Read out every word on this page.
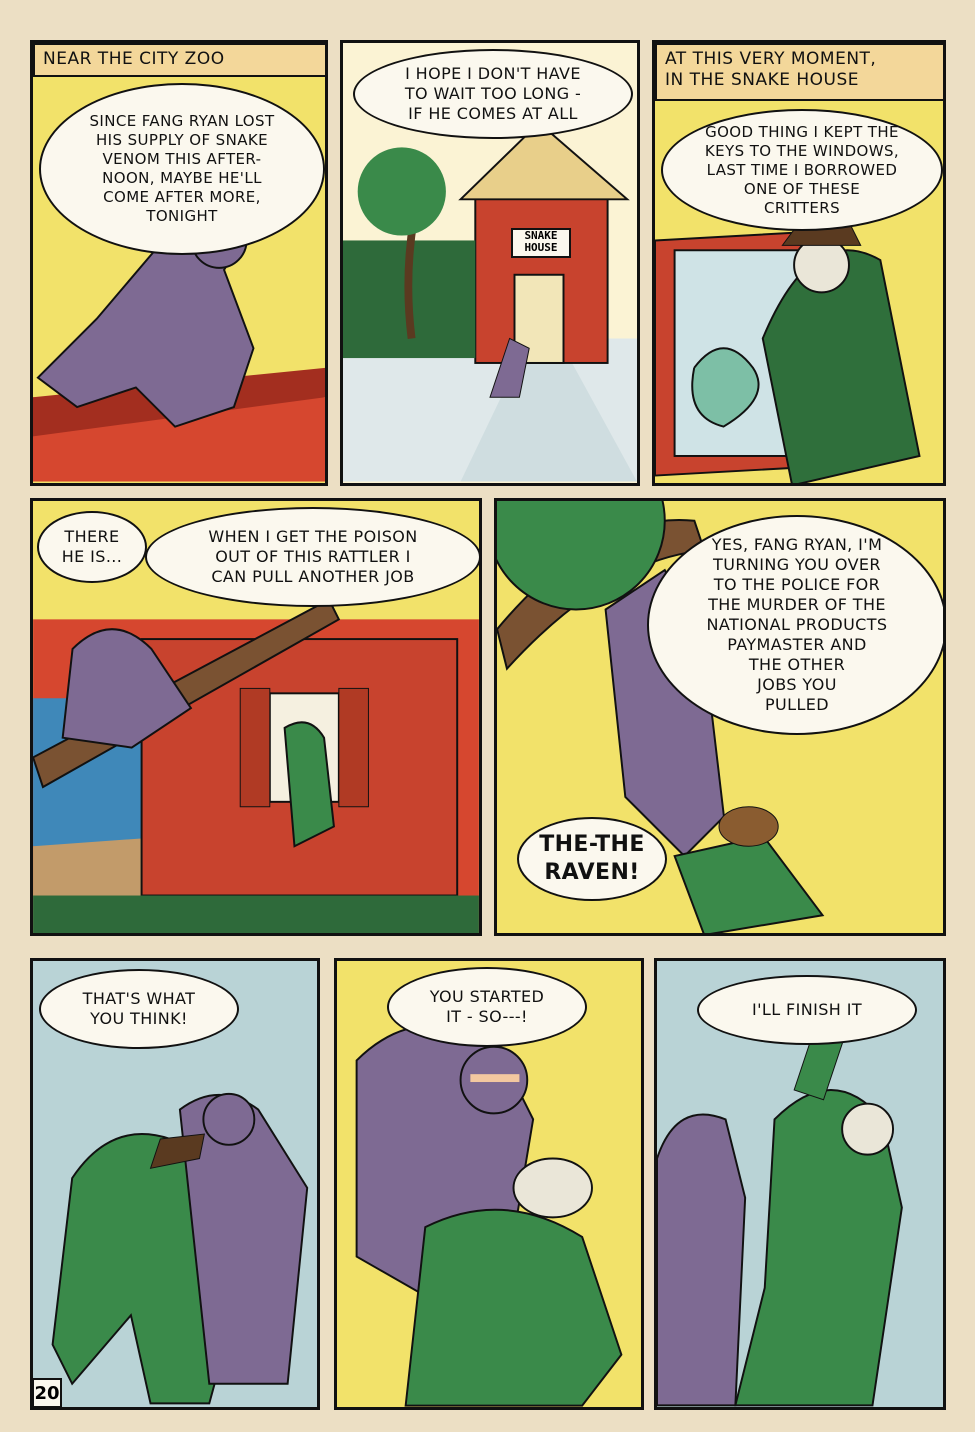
NEAR THE CITY ZOO
SINCE FANG RYAN LOST
HIS SUPPLY OF SNAKE
VENOM THIS AFTER-
NOON, MAYBE HE'LL
COME AFTER MORE,
TONIGHT
I HOPE I DON'T HAVE
TO WAIT TOO LONG -
IF HE COMES AT ALL
SNAKE
HOUSE
AT THIS VERY MOMENT,
IN THE SNAKE HOUSE
GOOD THING I KEPT THE
KEYS TO THE WINDOWS,
LAST TIME I BORROWED
ONE OF THESE
CRITTERS
THERE
HE IS...
WHEN I GET THE POISON
OUT OF THIS RATTLER I
CAN PULL ANOTHER JOB
YES, FANG RYAN, I'M
TURNING YOU OVER
TO THE POLICE FOR
THE MURDER OF THE
NATIONAL PRODUCTS
PAYMASTER AND
THE OTHER
JOBS YOU
PULLED
THE-THE
RAVEN!
THAT'S WHAT
YOU THINK!
YOU STARTED
IT - SO---!	I'LL FINISH IT
20
